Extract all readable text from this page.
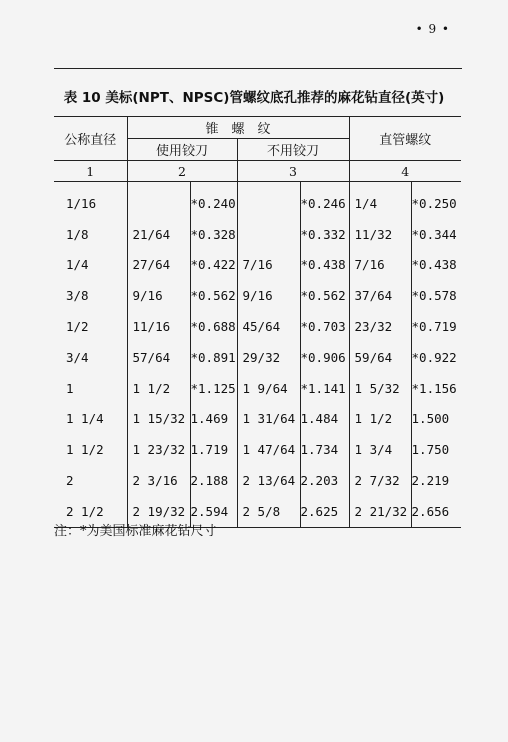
• 9 •
表 10 美标(NPT、NPSC)管螺纹底孔推荐的麻花钻直径(英寸)
公称直径	锥　螺　纹				直管螺纹	
	使用铰刀		不用铰刀			
1	2		3		4	
1/16		*0.240		*0.246	1/4	*0.250
1/8	21/64	*0.328		*0.332	11/32	*0.344
1/4	27/64	*0.422	7/16	*0.438	7/16	*0.438
3/8	9/16	*0.562	9/16	*0.562	37/64	*0.578
1/2	11/16	*0.688	45/64	*0.703	23/32	*0.719
3/4	57/64	*0.891	29/32	*0.906	59/64	*0.922
1	1 1/2	*1.125	1 9/64	*1.141	1 5/32	*1.156
1 1/4	1 15/32	1.469	1 31/64	1.484	1 1/2	1.500
1 1/2	1 23/32	1.719	1 47/64	1.734	1 3/4	1.750
2	2 3/16	2.188	2 13/64	2.203	2 7/32	2.219
2 1/2	2 19/32	2.594	2 5/8	2.625	2 21/32	2.656
注：*为美国标准麻花钻尺寸
